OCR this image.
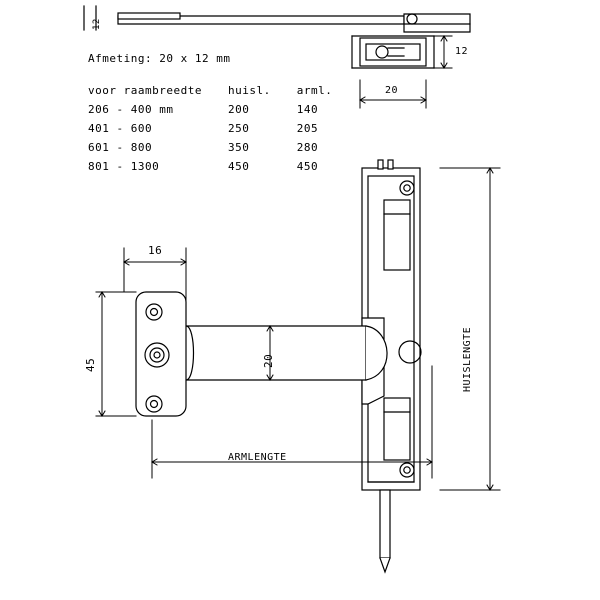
12
12
20
Afmeting: 20 x 12 mm
voor raambreedte	huisl.	arml.
206 - 400 mm	200	140
401 - 600	250	205
601 - 800	350	280
801 - 1300	450	450
16
45	20
ARMLENGTE
HUISLENGTE
